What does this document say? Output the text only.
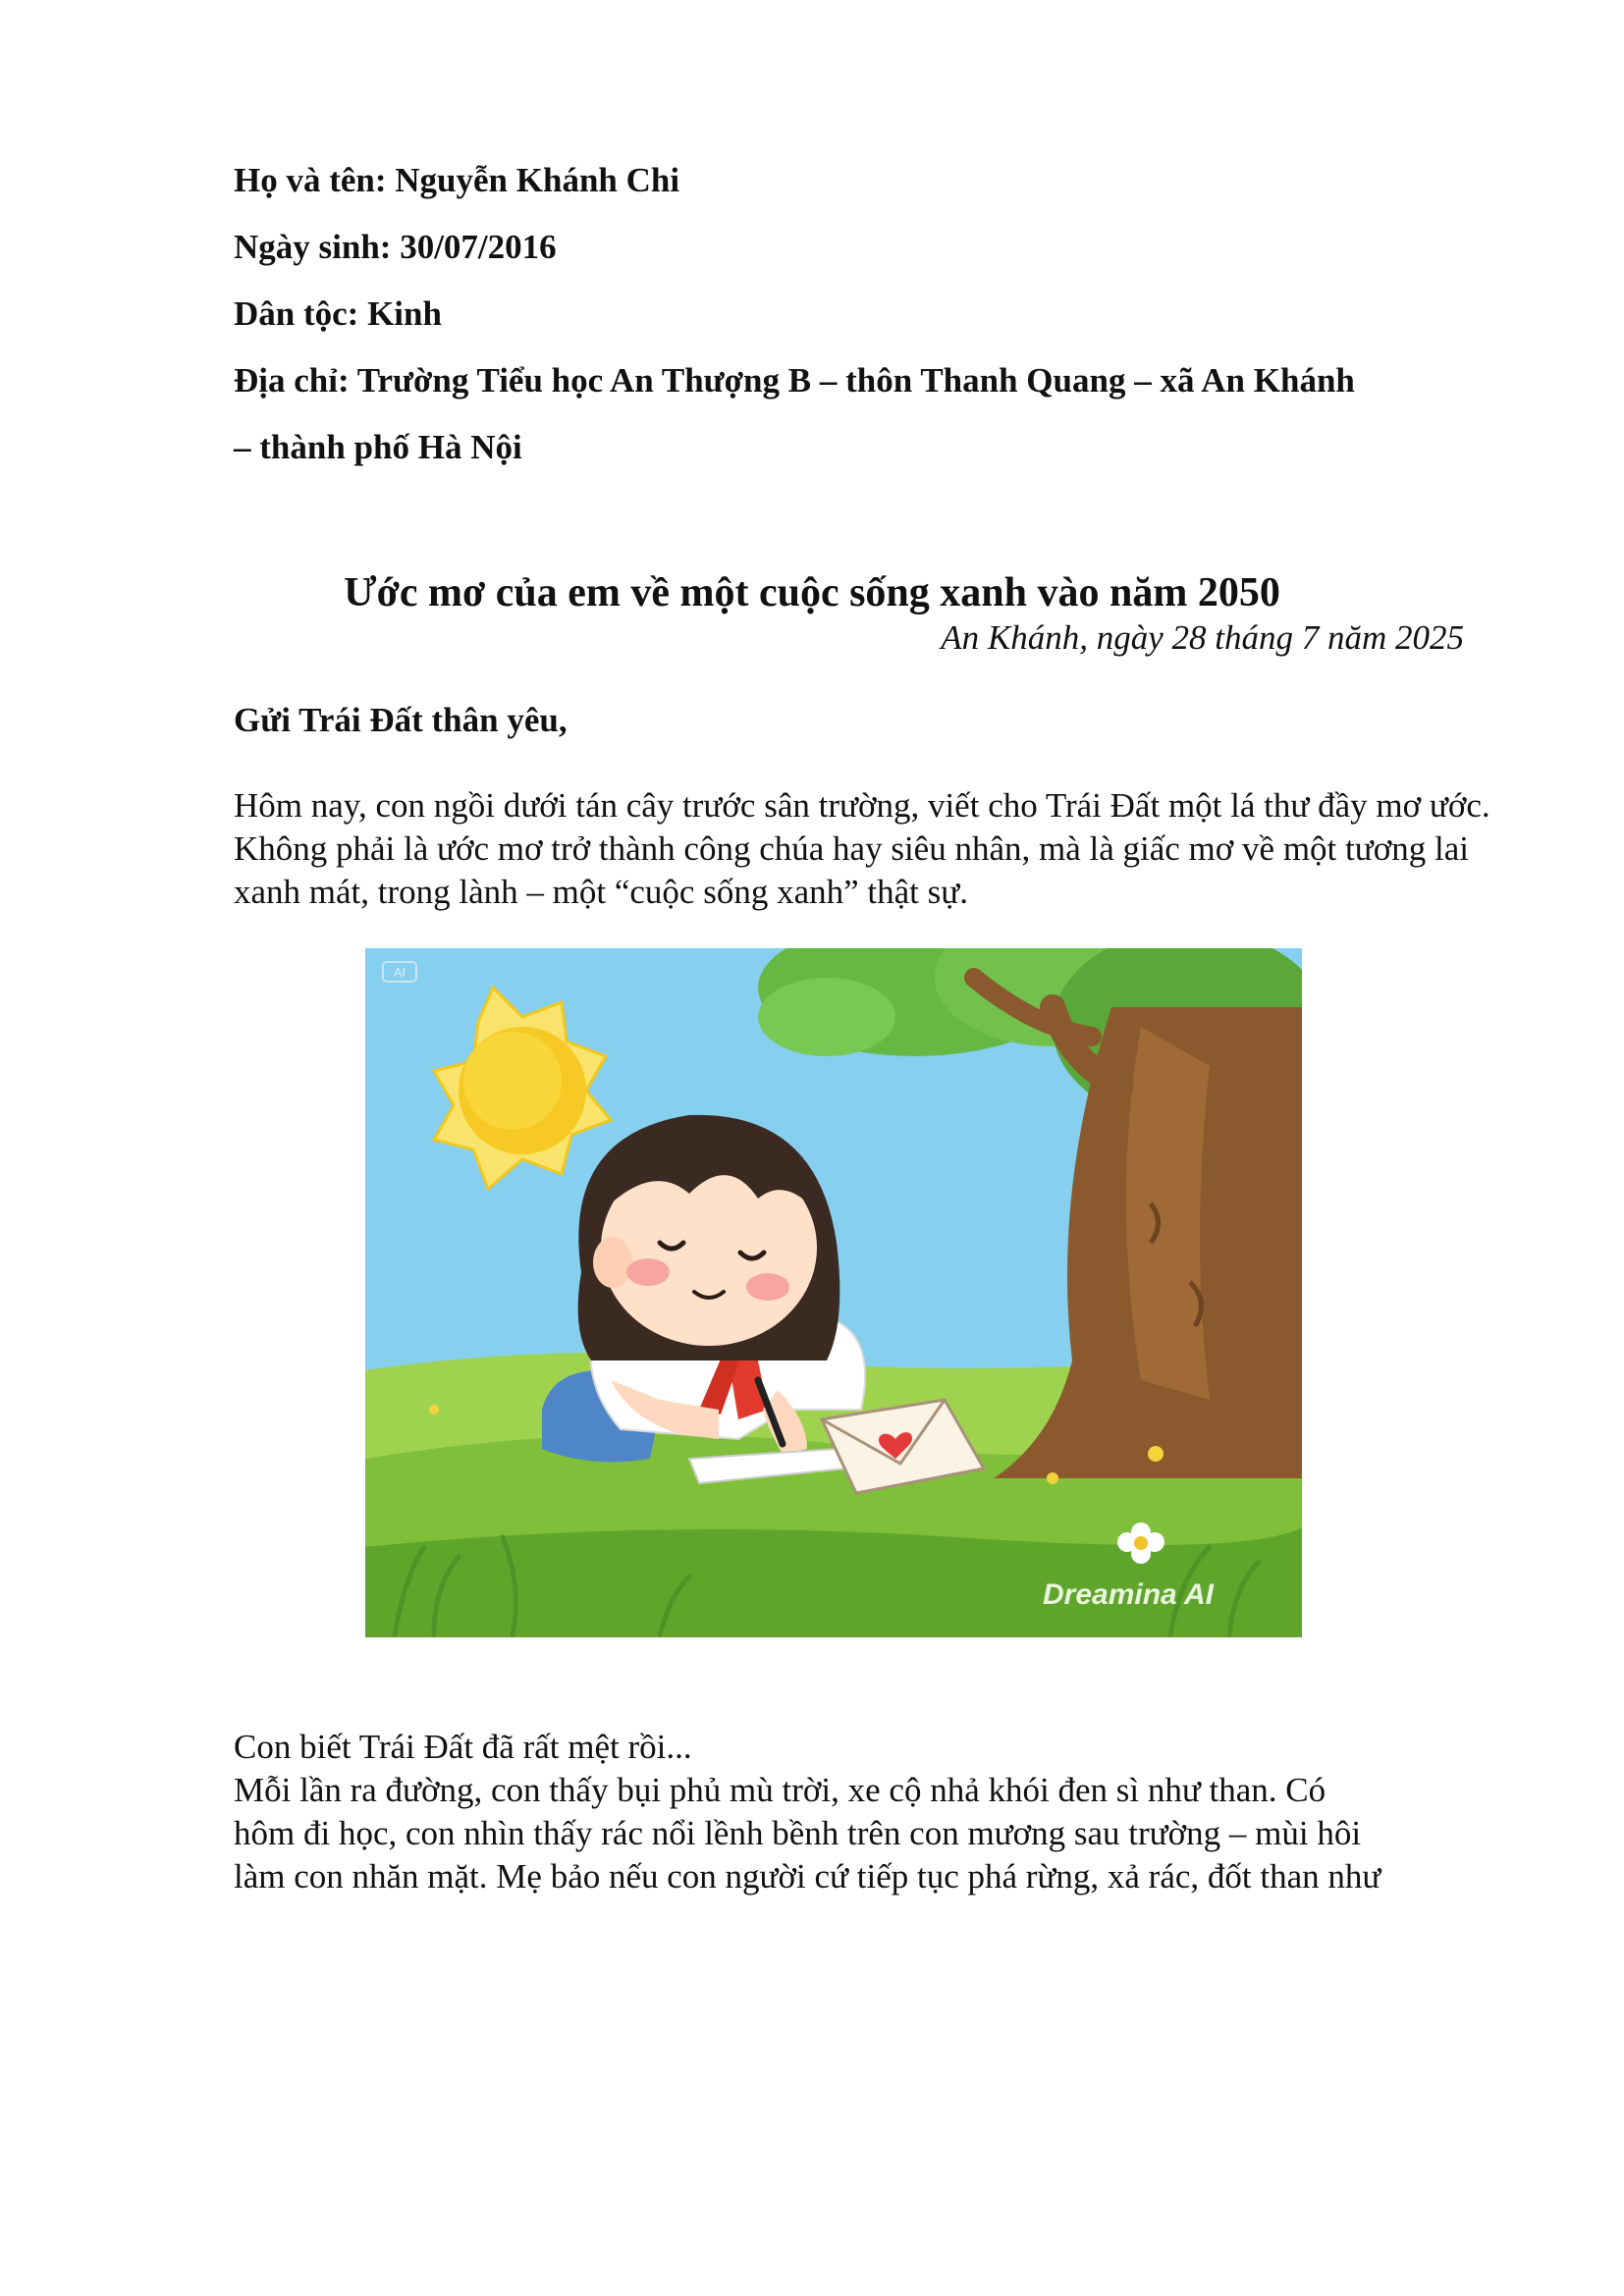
Họ và tên: Nguyễn Khánh Chi

Ngày sinh: 30/07/2016

Dân tộc: Kinh

Địa chỉ: Trường Tiểu học An Thượng B – thôn Thanh Quang – xã An Khánh

– thành phố Hà Nội

Ước mơ của em về một cuộc sống xanh vào năm 2050

An Khánh, ngày 28 tháng 7 năm 2025

Gửi Trái Đất thân yêu,

Hôm nay, con ngồi dưới tán cây trước sân trường, viết cho Trái Đất một lá thư đầy mơ ước. Không phải là ước mơ trở thành công chúa hay siêu nhân, mà là giấc mơ về một tương lai xanh mát, trong lành – một “cuộc sống xanh” thật sự.

AI
Dreamina AI
Con biết Trái Đất đã rất mệt rồi...
Mỗi lần ra đường, con thấy bụi phủ mù trời, xe cộ nhả khói đen sì như than. Có
hôm đi học, con nhìn thấy rác nổi lềnh bềnh trên con mương sau trường – mùi hôi
làm con nhăn mặt. Mẹ bảo nếu con người cứ tiếp tục phá rừng, xả rác, đốt than như
